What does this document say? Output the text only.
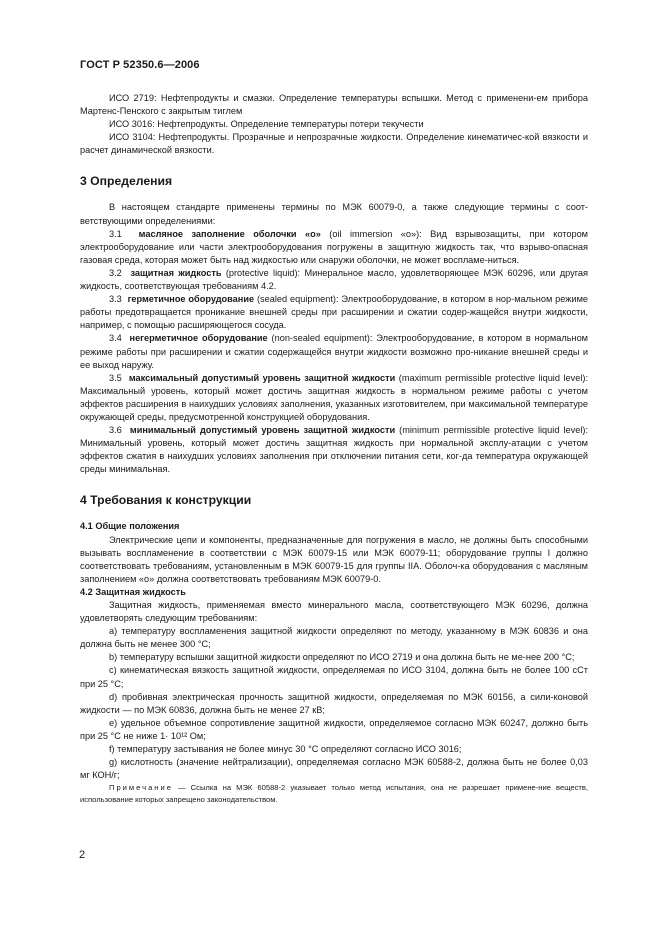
ГОСТ Р 52350.6—2006

ИСО 2719: Нефтепродукты и смазки. Определение температуры вспышки. Метод с применени-ем прибора Мартенс-Пенского с закрытым тиглем

ИСО 3016: Нефтепродукты. Определение температуры потери текучести

ИСО 3104: Нефтепродукты. Прозрачные и непрозрачные жидкости. Определение кинематичес-кой вязкости и расчет динамической вязкости.

3 Определения

В настоящем стандарте применены термины по МЭК 60079-0, а также следующие термины с соот-ветствующими определениями:

3.1 масляное заполнение оболочки «о» (oil immersion «о»): Вид взрывозащиты, при котором электрооборудование или части электрооборудования погружены в защитную жидкость так, что взрыво-опасная газовая среда, которая может быть над жидкостью или снаружи оболочки, не может воспламе-ниться.

3.2 защитная жидкость (protective liquid): Минеральное масло, удовлетворяющее МЭК 60296, или другая жидкость, соответствующая требованиям 4.2.

3.3 герметичное оборудование (sealed equipment): Электрооборудование, в котором в нор-мальном режиме работы предотвращается проникание внешней среды при расширении и сжатии содер-жащейся внутри жидкости, например, с помощью расширяющегося сосуда.

3.4 негерметичное оборудование (non-sealed equipment): Электрооборудование, в котором в нормальном режиме работы при расширении и сжатии содержащейся внутри жидкости возможно про-никание внешней среды и ее выход наружу.

3.5 максимальный допустимый уровень защитной жидкости (maximum permissible protective liquid level): Максимальный уровень, который может достичь защитная жидкость в нормальном режиме работы с учетом эффектов расширения в наихудших условиях заполнения, указанных изготовителем, при максимальной температуре окружающей среды, предусмотренной конструкцией оборудования.

3.6 минимальный допустимый уровень защитной жидкости (minimum permissible protective liquid level): Минимальный уровень, который может достичь защитная жидкость при нормальной эксплу-атации с учетом эффектов сжатия в наихудших условиях заполнения при отключении питания сети, ког-да температура окружающей среды минимальная.

4 Требования к конструкции

4.1 Общие положения

Электрические цепи и компоненты, предназначенные для погружения в масло, не должны быть способными вызывать воспламенение в соответствии с МЭК 60079-15 или МЭК 60079-11; оборудование группы I должно соответствовать требованиям, установленным в МЭК 60079-15 для группы IIA. Оболоч-ка оборудования с масляным заполнением «о» должна соответствовать требованиям МЭК 60079-0.

4.2 Защитная жидкость

Защитная жидкость, применяемая вместо минерального масла, соответствующего МЭК 60296, должна удовлетворять следующим требованиям:

а) температуру воспламенения защитной жидкости определяют по методу, указанному в МЭК 60836 и она должна быть не менее 300 °С;

b) температуру вспышки защитной жидкости определяют по ИСО 2719 и она должна быть не ме-нее 200 °С;

с) кинематическая вязкость защитной жидкости, определяемая по ИСО 3104, должна быть не более 100 сСт при 25 °С;

d) пробивная электрическая прочность защитной жидкости, определяемая по МЭК 60156, а сили-коновой жидкости — по МЭК 60836, должна быть не менее 27 кВ;

е) удельное объемное сопротивление защитной жидкости, определяемое согласно МЭК 60247, должно быть при 25 °С не ниже 1· 10¹² Ом;

f) температуру застывания не более минус 30 °С определяют согласно ИСО 3016;

g) кислотность (значение нейтрализации), определяемая согласно МЭК 60588-2, должна быть не более 0,03 мг КОН/г;

Примечание — Ссылка на МЭК 60588-2 указывает только метод испытания, она не разрешает примене-ние веществ, использование которых запрещено законодательством.

2
